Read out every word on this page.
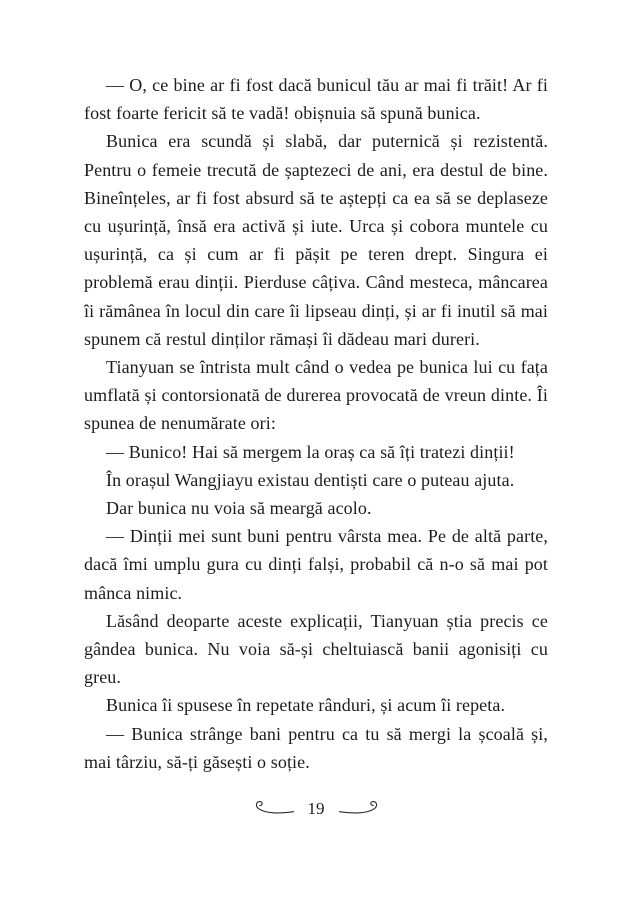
— O, ce bine ar fi fost dacă bunicul tău ar mai fi trăit! Ar fi fost foarte fericit să te vadă! obișnuia să spună bunica.

Bunica era scundă și slabă, dar puternică și rezistentă. Pentru o femeie trecută de șaptezeci de ani, era destul de bine. Bineînțeles, ar fi fost absurd să te aștepți ca ea să se deplaseze cu ușurință, însă era activă și iute. Urca și cobora muntele cu ușurință, ca și cum ar fi pășit pe teren drept. Singura ei problemă erau dinții. Pierduse câțiva. Când mesteca, mâncarea îi rămânea în locul din care îi lipseau dinți, și ar fi inutil să mai spunem că restul dinților rămași îi dădeau mari dureri.

Tianyuan se întrista mult când o vedea pe bunica lui cu fața umflată și contorsionată de durerea provocată de vreun dinte. Îi spunea de nenumărate ori:

— Bunico! Hai să mergem la oraș ca să îți tratezi dinții!

În orașul Wangjiayu existau dentiști care o puteau ajuta.

Dar bunica nu voia să meargă acolo.

— Dinții mei sunt buni pentru vârsta mea. Pe de altă parte, dacă îmi umplu gura cu dinți falși, probabil că n-o să mai pot mânca nimic.

Lăsând deoparte aceste explicații, Tianyuan știa precis ce gândea bunica. Nu voia să-și cheltuiască banii agonisiți cu greu.

Bunica îi spusese în repetate rânduri, și acum îi repeta.

— Bunica strânge bani pentru ca tu să mergi la școală și, mai târziu, să-ți găsești o soție.

19
